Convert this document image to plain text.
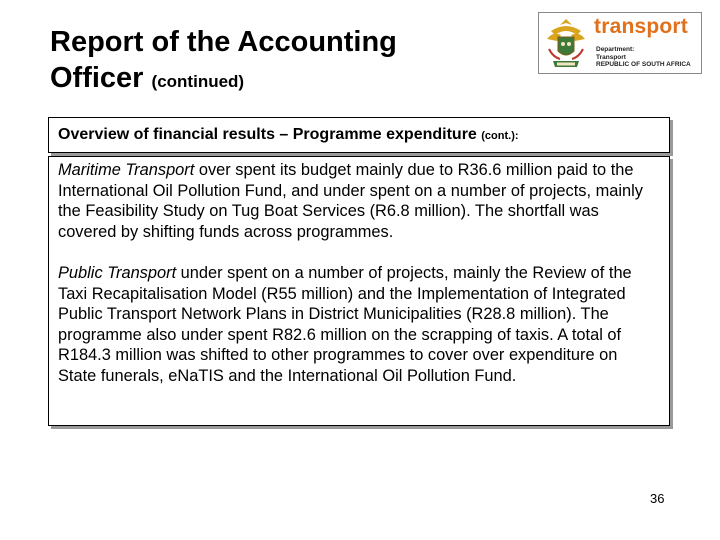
Report of the Accounting
Officer (continued)
transport
Department:
Transport
REPUBLIC OF SOUTH AFRICA
Overview of financial results – Programme expenditure (cont.):

Maritime Transport over spent its budget mainly due to R36.6 million paid to the International Oil Pollution Fund, and under spent on a number of projects, mainly the Feasibility Study on Tug Boat Services (R6.8 million). The shortfall was covered by shifting funds across programmes.

Public Transport under spent on a number of projects, mainly the Review of the Taxi Recapitalisation Model (R55 million) and the Implementation of Integrated Public Transport Network Plans in District Municipalities (R28.8 million). The programme also under spent R82.6 million on the scrapping of taxis. A total of R184.3 million was shifted to other programmes to cover over expenditure on State funerals, eNaTIS and the International Oil Pollution Fund.

36
